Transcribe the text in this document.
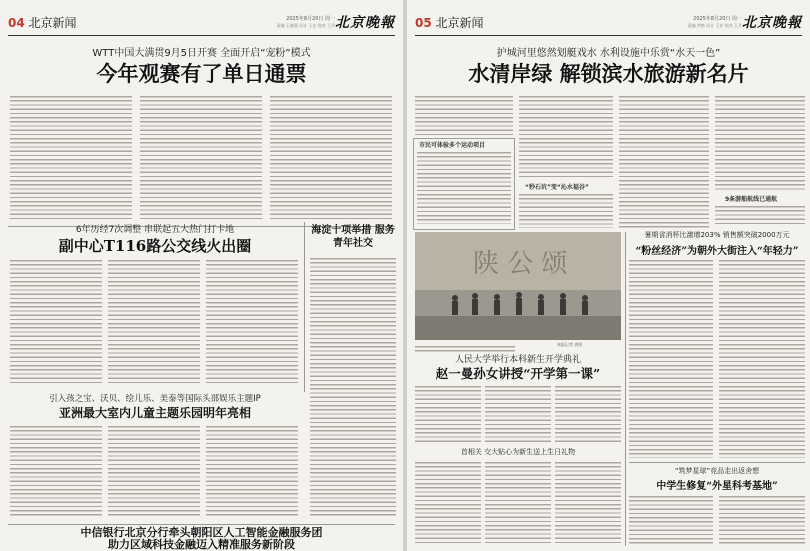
04 北京新闻	2025年8月20日 周一
责编 王晓燕 设计 王宏 校对 王月 北京晚報
WTT中国大满贯9月5日开赛 全面开启“宠粉”模式
今年观赛有了单日通票
6年历经7次调整 串联起五大热门打卡地
副中心T116路公交线火出圈
海淀十项举措 服务青年社交
引入孩之宝、沃贝、绘儿乐、美泰等国际头部娱乐主题IP
亚洲最大室内儿童主题乐园明年亮相
中信银行北京分行牵头朝阳区人工智能金融服务团
助力区域科技金融迈入精准服务新阶段
05 北京新闻	2025年8月20日 周一
责编 李艳 设计 王宏 校对 王月 北京晚報
护城河里悠然划艇戏水 水利设施中乐赏“水天一色”
水清岸绿 解锁滨水旅游新名片
市民可体验多个运动项目
“秒石坑”变“沁水福谷”
9条游船航线已通航
陕 公 颂
本报记者 供图
人民大学举行本科新生开学典礼
赵一曼孙女讲授“开学第一课”
首相关 交大贴心为新生送上生日礼物
暑期省消杯比激增203% 销售额突破2000万元
“粉丝经济”为朝外大街注入“年轻力”
“筑梦星球”竞品走出返舍想
中学生修复“外星科考基地”
